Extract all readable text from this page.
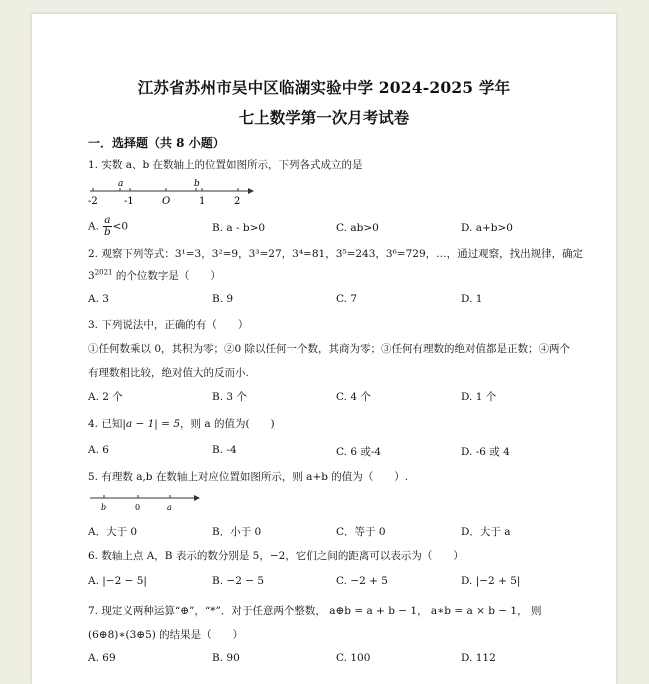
江苏省苏州市吴中区临湖实验中学 2024-2025 学年
七上数学第一次月考试卷
一．选择题（共 8 小题）
1. 实数 a、b 在数轴上的位置如图所示，下列各式成立的是
a	b
-2	-1	O	1	2
A. $\frac{a}{b} <0$	B. a - b>0	C. ab>0	D. a+b>0
2. 观察下列等式：3¹=3，3²=9，3³=27，3⁴=81，3⁵=243，3⁶=729，…，通过观察，找出规律，确定
$3^{2021}$ 的个位数字是（　　）
A. 3	B. 9	C. 7	D. 1
3. 下列说法中，正确的有（　　）
①任何数乘以 0，其积为零；②0 除以任何一个数，其商为零；③任何有理数的绝对值都是正数；④两个
有理数相比较，绝对值大的反而小.
A. 2 个	B. 3 个	C. 4 个	D. 1 个
4. 已知|a − 1| = 5，则 a 的值为(　　)
A. 6	B. -4	C. 6 或-4	D. -6 或 4
5. 有理数 a,b 在数轴上对应位置如图所示，则 a+b 的值为（　　）.
b	0	a
A．大于 0	B．小于 0	C．等于 0	D．大于 a
6. 数轴上点 A，B 表示的数分别是 5，−2，它们之间的距离可以表示为（　　）
A. |−2 − 5|	B. −2 − 5	C. −2 + 5	D. |−2 + 5|
7. 现定义两种运算“⊕”，“*”．对于任意两个整数， a⊕b = a + b − 1， a∗b = a × b − 1， 则
(6⊕8)∗(3⊕5) 的结果是（　　）
A. 69	B. 90	C. 100	D. 112
